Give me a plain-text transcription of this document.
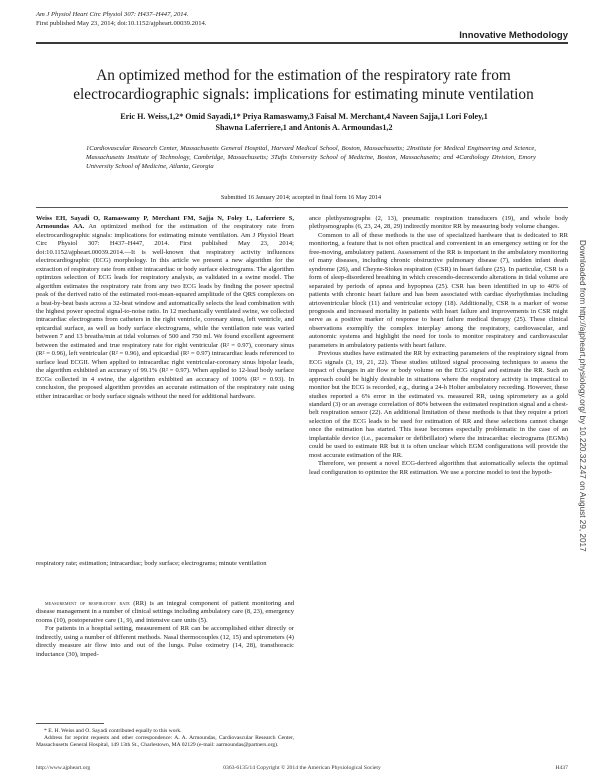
Am J Physiol Heart Circ Physiol 307: H437–H447, 2014.
First published May 23, 2014; doi:10.1152/ajpheart.00039.2014.
Innovative Methodology
An optimized method for the estimation of the respiratory rate from electrocardiographic signals: implications for estimating minute ventilation
Eric H. Weiss,1,2* Omid Sayadi,1* Priya Ramaswamy,3 Faisal M. Merchant,4 Naveen Sajja,1 Lori Foley,1
Shawna Laferriere,1 and Antonis A. Armoundas1,2
1Cardiovascular Research Center, Massachusetts General Hospital, Harvard Medical School, Boston, Massachusetts; 2Institute for Medical Engineering and Science, Massachusetts Institute of Technology, Cambridge, Massachusetts; 3Tufts University School of Medicine, Boston, Massachusetts; and 4Cardiology Division, Emory University School of Medicine, Atlanta, Georgia
Submitted 16 January 2014; accepted in final form 16 May 2014

Weiss EH, Sayadi O, Ramaswamy P, Merchant FM, Sajja N, Foley L, Laferriere S, Armoundas AA. An optimized method for the estimation of the respiratory rate from electrocardiographic signals: implications for estimating minute ventilation. Am J Physiol Heart Circ Physiol 307: H437–H447, 2014. First published May 23, 2014; doi:10.1152/ajpheart.00039.2014.—It is well-known that respiratory activity influences electrocardiographic (ECG) morphology. In this article we present a new algorithm for the extraction of respiratory rate from either intracardiac or body surface electrograms. The algorithm optimizes selection of ECG leads for respiratory analysis, as validated in a swine model. The algorithm estimates the respiratory rate from any two ECG leads by finding the power spectral peak of the derived ratio of the estimated root-mean-squared amplitude of the QRS complexes on a beat-by-beat basis across a 32-beat window and automatically selects the lead combination with the highest power spectral signal-to-noise ratio. In 12 mechanically ventilated swine, we collected intracardiac electrograms from catheters in the right ventricle, coronary sinus, left ventricle, and epicardial surface, as well as body surface electrograms, while the ventilation rate was varied between 7 and 13 breaths/min at tidal volumes of 500 and 750 ml. We found excellent agreement between the estimated and true respiratory rate for right ventricular (R² = 0.97), coronary sinus (R² = 0.96), left ventricular (R² = 0.96), and epicardial (R² = 0.97) intracardiac leads referenced to surface lead ECGII. When applied to intracardiac right ventricular-coronary sinus bipolar leads, the algorithm exhibited an accuracy of 99.1% (R² = 0.97). When applied to 12-lead body surface ECGs collected in 4 swine, the algorithm exhibited an accuracy of 100% (R² = 0.93). In conclusion, the proposed algorithm provides an accurate estimation of the respiratory rate using either intracardiac or body surface signals without the need for additional hardware.

respiratory rate; estimation; intracardiac; body surface; electrograms; minute ventilation

measurement of respiratory rate (RR) is an integral component of patient monitoring and disease management in a number of clinical settings including ambulatory care (8, 23), emergency rooms (10), postoperative care (1, 9), and intensive care units (5).

For patients in a hospital setting, measurement of RR can be accomplished either directly or indirectly, using a number of different methods. Nasal thermocouples (12, 15) and spirometers (4) directly measure air flow into and out of the lungs. Pulse oximetry (14, 28), transthoracic inductance (30), imped-

* E. H. Weiss and O. Sayadi contributed equally to this work.
Address for reprint requests and other correspondence: A. A. Armoundas, Cardiovascular Research Center, Massachusetts General Hospital, 149 13th St., Charlestown, MA 02129 (e-mail: aarmoundas@partners.org).

ance plethysmographs (2, 13), pneumatic respiration transducers (19), and whole body plethysmographs (6, 23, 24, 28, 29) indirectly monitor RR by measuring body volume changes.

Common to all of these methods is the use of specialized hardware that is dedicated to RR monitoring, a feature that is not often practical and convenient in an emergency setting or for the free-moving, ambulatory patient. Assessment of the RR is important in the ambulatory monitoring of many diseases, including chronic obstructive pulmonary disease (7), sudden infant death syndrome (26), and Cheyne-Stokes respiration (CSR) in heart failure (25). In particular, CSR is a form of sleep-disordered breathing in which crescendo-decrescendo alterations in tidal volume are separated by periods of apnea and hypopnea (25). CSR has been identified in up to 40% of patients with chronic heart failure and has been associated with cardiac dysrhythmias including atrioventricular block (11) and ventricular ectopy (18). Additionally, CSR is a marker of worse prognosis and increased mortality in patients with heart failure and improvements in CSR might serve as a positive marker of response to heart failure medical therapy (25). These clinical observations exemplify the complex interplay among the respiratory, cardiovascular, and autonomic systems and highlight the need for tools to monitor respiratory and cardiovascular parameters in ambulatory patients with heart failure.

Previous studies have estimated the RR by extracting parameters of the respiratory signal from ECG signals (3, 19, 21, 22). These studies utilized signal processing techniques to assess the impact of changes in air flow or body volume on the ECG signal and estimate the RR. Such an approach could be highly desirable in situations where the respiratory activity is impractical to monitor but the ECG is recorded, e.g., during a 24-h Holter ambulatory recording. However, these studies reported a 6% error in the estimated vs. measured RR, using spirometery as a gold standard (3) or an average correlation of 80% between the estimated respiration signal and a chest-belt respiration sensor (22). An additional limitation of these methods is that they require a priori selection of the ECG leads to be used for estimation of RR and these selections cannot change once the estimation has started. This issue becomes especially problematic in the case of an implantable device (i.e., pacemaker or defibrillator) where the intracardiac electrograms (EGMs) could be used to estimate RR but it is often unclear which EGM configurations will provide the most accurate estimation of the RR.

Therefore, we present a novel ECG-derived algorithm that automatically selects the optimal lead configuration to optimize the RR estimation. We use a porcine model to test the hypoth-

http://www.ajpheart.org	0363-6135/14 Copyright © 2014 the American Physiological Society	H437
Downloaded from http://ajpheart.physiology.org/ by 10.220.32.247 on August 29, 2017
